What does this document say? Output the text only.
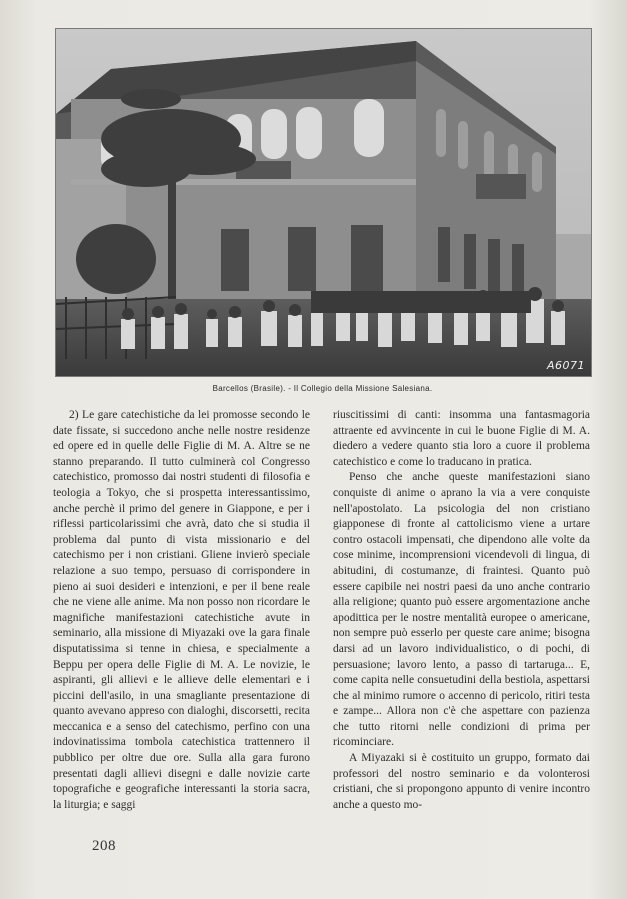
A6071
Barcellos (Brasile). - Il Collegio della Missione Salesiana.

2) Le gare catechistiche da lei promosse secondo le date fissate, si succedono anche nelle nostre residenze ed opere ed in quelle delle Figlie di M. A. Altre se ne stanno preparando. Il tutto culminerà col Congresso catechistico, promosso dai nostri studenti di filosofia e teologia a Tokyo, che si prospetta interessantissimo, anche perchè il primo del genere in Giappone, e per i riflessi particolarissimi che avrà, dato che si studia il problema dal punto di vista missionario e del catechismo per i non cristiani. Gliene invierò speciale relazione a suo tempo, persuaso di corrispondere in pieno ai suoi desideri e intenzioni, e per il bene reale che ne viene alle anime. Ma non posso non ricordare le magnifiche manifestazioni catechistiche avute in seminario, alla missione di Miyazaki ove la gara finale disputatissima si tenne in chiesa, e specialmente a Beppu per opera delle Figlie di M. A. Le novizie, le aspiranti, gli allievi e le allieve delle elementari e i piccini dell'asilo, in una smagliante presentazione di quanto avevano appreso con dialoghi, discorsetti, recita meccanica e a senso del catechismo, perfino con una indovinatissima tombola catechistica trattennero il pubblico per oltre due ore. Sulla alla gara furono presentati dagli allievi disegni e dalle novizie carte topografiche e geografiche interessanti la storia sacra, la liturgia; e saggi

riuscitissimi di canti: insomma una fantasmagoria attraente ed avvincente in cui le buone Figlie di M. A. diedero a vedere quanto stia loro a cuore il problema catechistico e come lo traducano in pratica.

Penso che anche queste manifestazioni siano conquiste di anime o aprano la via a vere conquiste nell'apostolato. La psicologia del non cristiano giapponese di fronte al cattolicismo viene a urtare contro ostacoli impensati, che dipendono alle volte da cose minime, incomprensioni vicendevoli di lingua, di abitudini, di costumanze, di fraintesi. Quanto può essere capibile nei nostri paesi da uno anche contrario alla religione; quanto può essere argomentazione anche apodittica per le nostre mentalità europee o americane, non sempre può esserlo per queste care anime; bisogna darsi ad un lavoro individualistico, o di pochi, di persuasione; lavoro lento, a passo di tartaruga... E, come capita nelle consuetudini della bestiola, aspettarsi che al minimo rumore o accenno di pericolo, ritiri testa e zampe... Allora non c'è che aspettare con pazienza che tutto ritorni nelle condizioni di prima per ricominciare.

A Miyazaki si è costituito un gruppo, formato dai professori del nostro seminario e da volonterosi cristiani, che si propongono appunto di venire incontro anche a questo mo-

208
